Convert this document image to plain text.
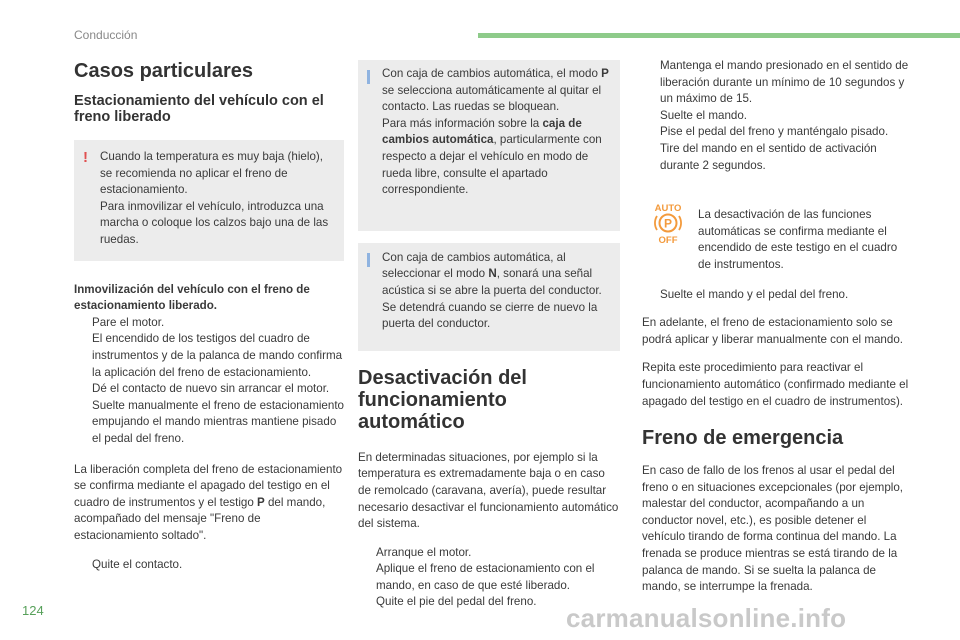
Conducción
Casos particulares
Estacionamiento del vehículo con el freno liberado
! Cuando la temperatura es muy baja (hielo), se recomienda no aplicar el freno de estacionamiento.

Para inmovilizar el vehículo, introduzca una marcha o coloque los calzos bajo una de las ruedas.

Inmovilización del vehículo con el freno de estacionamiento liberado.

Pare el motor.
El encendido de los testigos del cuadro de instrumentos y de la palanca de mando confirma la aplicación del freno de estacionamiento.
Dé el contacto de nuevo sin arrancar el motor.
Suelte manualmente el freno de estacionamiento empujando el mando mientras mantiene pisado el pedal del freno.

La liberación completa del freno de estacionamiento se confirma mediante el apagado del testigo en el cuadro de instrumentos y el testigo P del mando, acompañado del mensaje "Freno de estacionamiento soltado".

Quite el contacto.

Con caja de cambios automática, el modo P se selecciona automáticamente al quitar el contacto. Las ruedas se bloquean.

Para más información sobre la caja de cambios automática, particularmente con respecto a dejar el vehículo en modo de rueda libre, consulte el apartado correspondiente.

Con caja de cambios automática, al seleccionar el modo N, sonará una señal acústica si se abre la puerta del conductor. Se detendrá cuando se cierre de nuevo la puerta del conductor.

Desactivación del funcionamiento automático

En determinadas situaciones, por ejemplo si la temperatura es extremadamente baja o en caso de remolcado (caravana, avería), puede resultar necesario desactivar el funcionamiento automático del sistema.

Arranque el motor.
Aplique el freno de estacionamiento con el mando, en caso de que esté liberado.
Quite el pie del pedal del freno.
Mantenga el mando presionado en el sentido de liberación durante un mínimo de 10 segundos y un máximo de 15.
Suelte el mando.
Pise el pedal del freno y manténgalo pisado.
Tire del mando en el sentido de activación durante 2 segundos.

La desactivación de las funciones automáticas se confirma mediante el encendido de este testigo en el cuadro de instrumentos.

Suelte el mando y el pedal del freno.

En adelante, el freno de estacionamiento solo se podrá aplicar y liberar manualmente con el mando.

Repita este procedimiento para reactivar el funcionamiento automático (confirmado mediante el apagado del testigo en el cuadro de instrumentos).

Freno de emergencia

En caso de fallo de los frenos al usar el pedal del freno o en situaciones excepcionales (por ejemplo, malestar del conductor, acompañando a un conductor novel, etc.), es posible detener el vehículo tirando de forma continua del mando. La frenada se produce mientras se está tirando de la palanca de mando. Si se suelta la palanca de mando, se interrumpe la frenada.

AUTO
P
OFF
124	carmanualsonline.info
